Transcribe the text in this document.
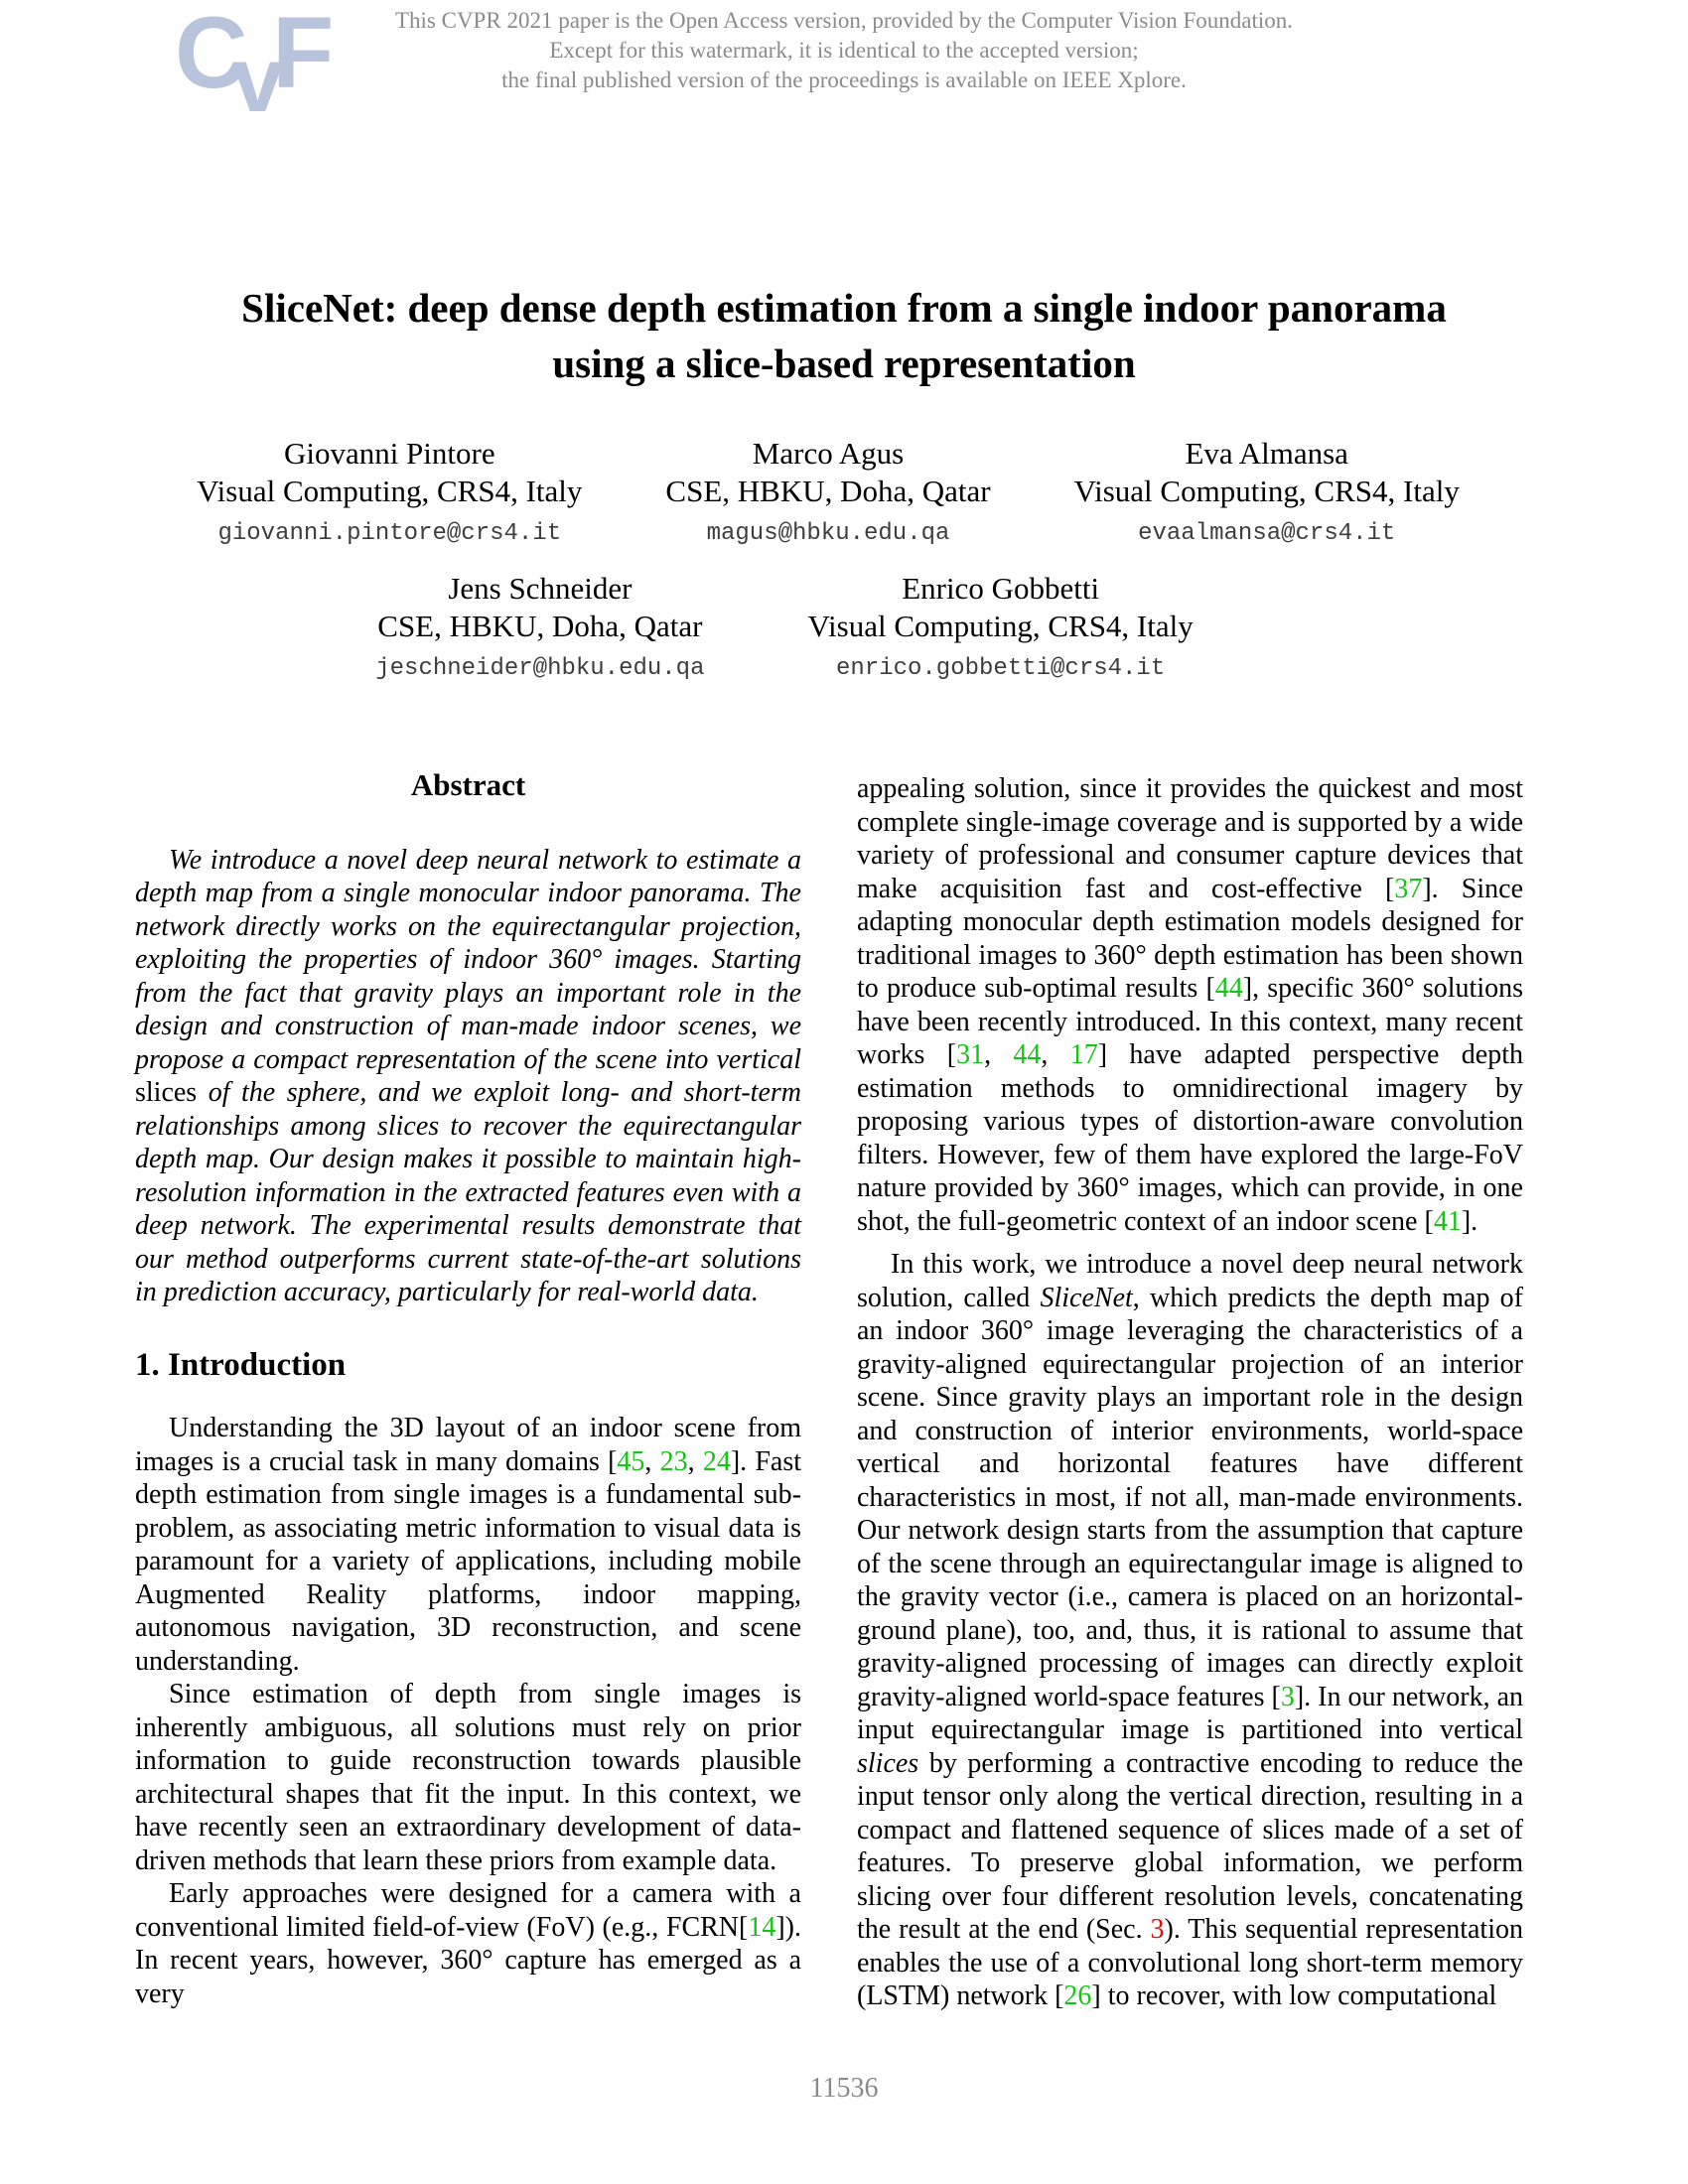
CvF	This CVPR 2021 paper is the Open Access version, provided by the Computer Vision Foundation.
Except for this watermark, it is identical to the accepted version;
the final published version of the proceedings is available on IEEE Xplore.
SliceNet: deep dense depth estimation from a single indoor panorama
using a slice-based representation
Giovanni Pintore
Visual Computing, CRS4, Italy
giovanni.pintore@crs4.it
Marco Agus
CSE, HBKU, Doha, Qatar
magus@hbku.edu.qa
Eva Almansa
Visual Computing, CRS4, Italy
evaalmansa@crs4.it
Jens Schneider
CSE, HBKU, Doha, Qatar
jeschneider@hbku.edu.qa
Enrico Gobbetti
Visual Computing, CRS4, Italy
enrico.gobbetti@crs4.it
Abstract

We introduce a novel deep neural network to estimate a depth map from a single monocular indoor panorama. The network directly works on the equirectangular projection, exploiting the properties of indoor 360° images. Starting from the fact that gravity plays an important role in the design and construction of man-made indoor scenes, we propose a compact representation of the scene into vertical slices of the sphere, and we exploit long- and short-term relationships among slices to recover the equirectangular depth map. Our design makes it possible to maintain high-resolution information in the extracted features even with a deep network. The experimental results demonstrate that our method outperforms current state-of-the-art solutions in prediction accuracy, particularly for real-world data.

1. Introduction

Understanding the 3D layout of an indoor scene from images is a crucial task in many domains [45, 23, 24]. Fast depth estimation from single images is a fundamental sub-problem, as associating metric information to visual data is paramount for a variety of applications, including mobile Augmented Reality platforms, indoor mapping, autonomous navigation, 3D reconstruction, and scene understanding.

Since estimation of depth from single images is inherently ambiguous, all solutions must rely on prior information to guide reconstruction towards plausible architectural shapes that fit the input. In this context, we have recently seen an extraordinary development of data-driven methods that learn these priors from example data.

Early approaches were designed for a camera with a conventional limited field-of-view (FoV) (e.g., FCRN[14]). In recent years, however, 360° capture has emerged as a very

appealing solution, since it provides the quickest and most complete single-image coverage and is supported by a wide variety of professional and consumer capture devices that make acquisition fast and cost-effective [37]. Since adapting monocular depth estimation models designed for traditional images to 360° depth estimation has been shown to produce sub-optimal results [44], specific 360° solutions have been recently introduced. In this context, many recent works [31, 44, 17] have adapted perspective depth estimation methods to omnidirectional imagery by proposing various types of distortion-aware convolution filters. However, few of them have explored the large-FoV nature provided by 360° images, which can provide, in one shot, the full-geometric context of an indoor scene [41].

In this work, we introduce a novel deep neural network solution, called SliceNet, which predicts the depth map of an indoor 360° image leveraging the characteristics of a gravity-aligned equirectangular projection of an interior scene. Since gravity plays an important role in the design and construction of interior environments, world-space vertical and horizontal features have different characteristics in most, if not all, man-made environments. Our network design starts from the assumption that capture of the scene through an equirectangular image is aligned to the gravity vector (i.e., camera is placed on an horizontal-ground plane), too, and, thus, it is rational to assume that gravity-aligned processing of images can directly exploit gravity-aligned world-space features [3]. In our network, an input equirectangular image is partitioned into vertical slices by performing a contractive encoding to reduce the input tensor only along the vertical direction, resulting in a compact and flattened sequence of slices made of a set of features. To preserve global information, we perform slicing over four different resolution levels, concatenating the result at the end (Sec. 3). This sequential representation enables the use of a convolutional long short-term memory (LSTM) network [26] to recover, with low computational

11536
